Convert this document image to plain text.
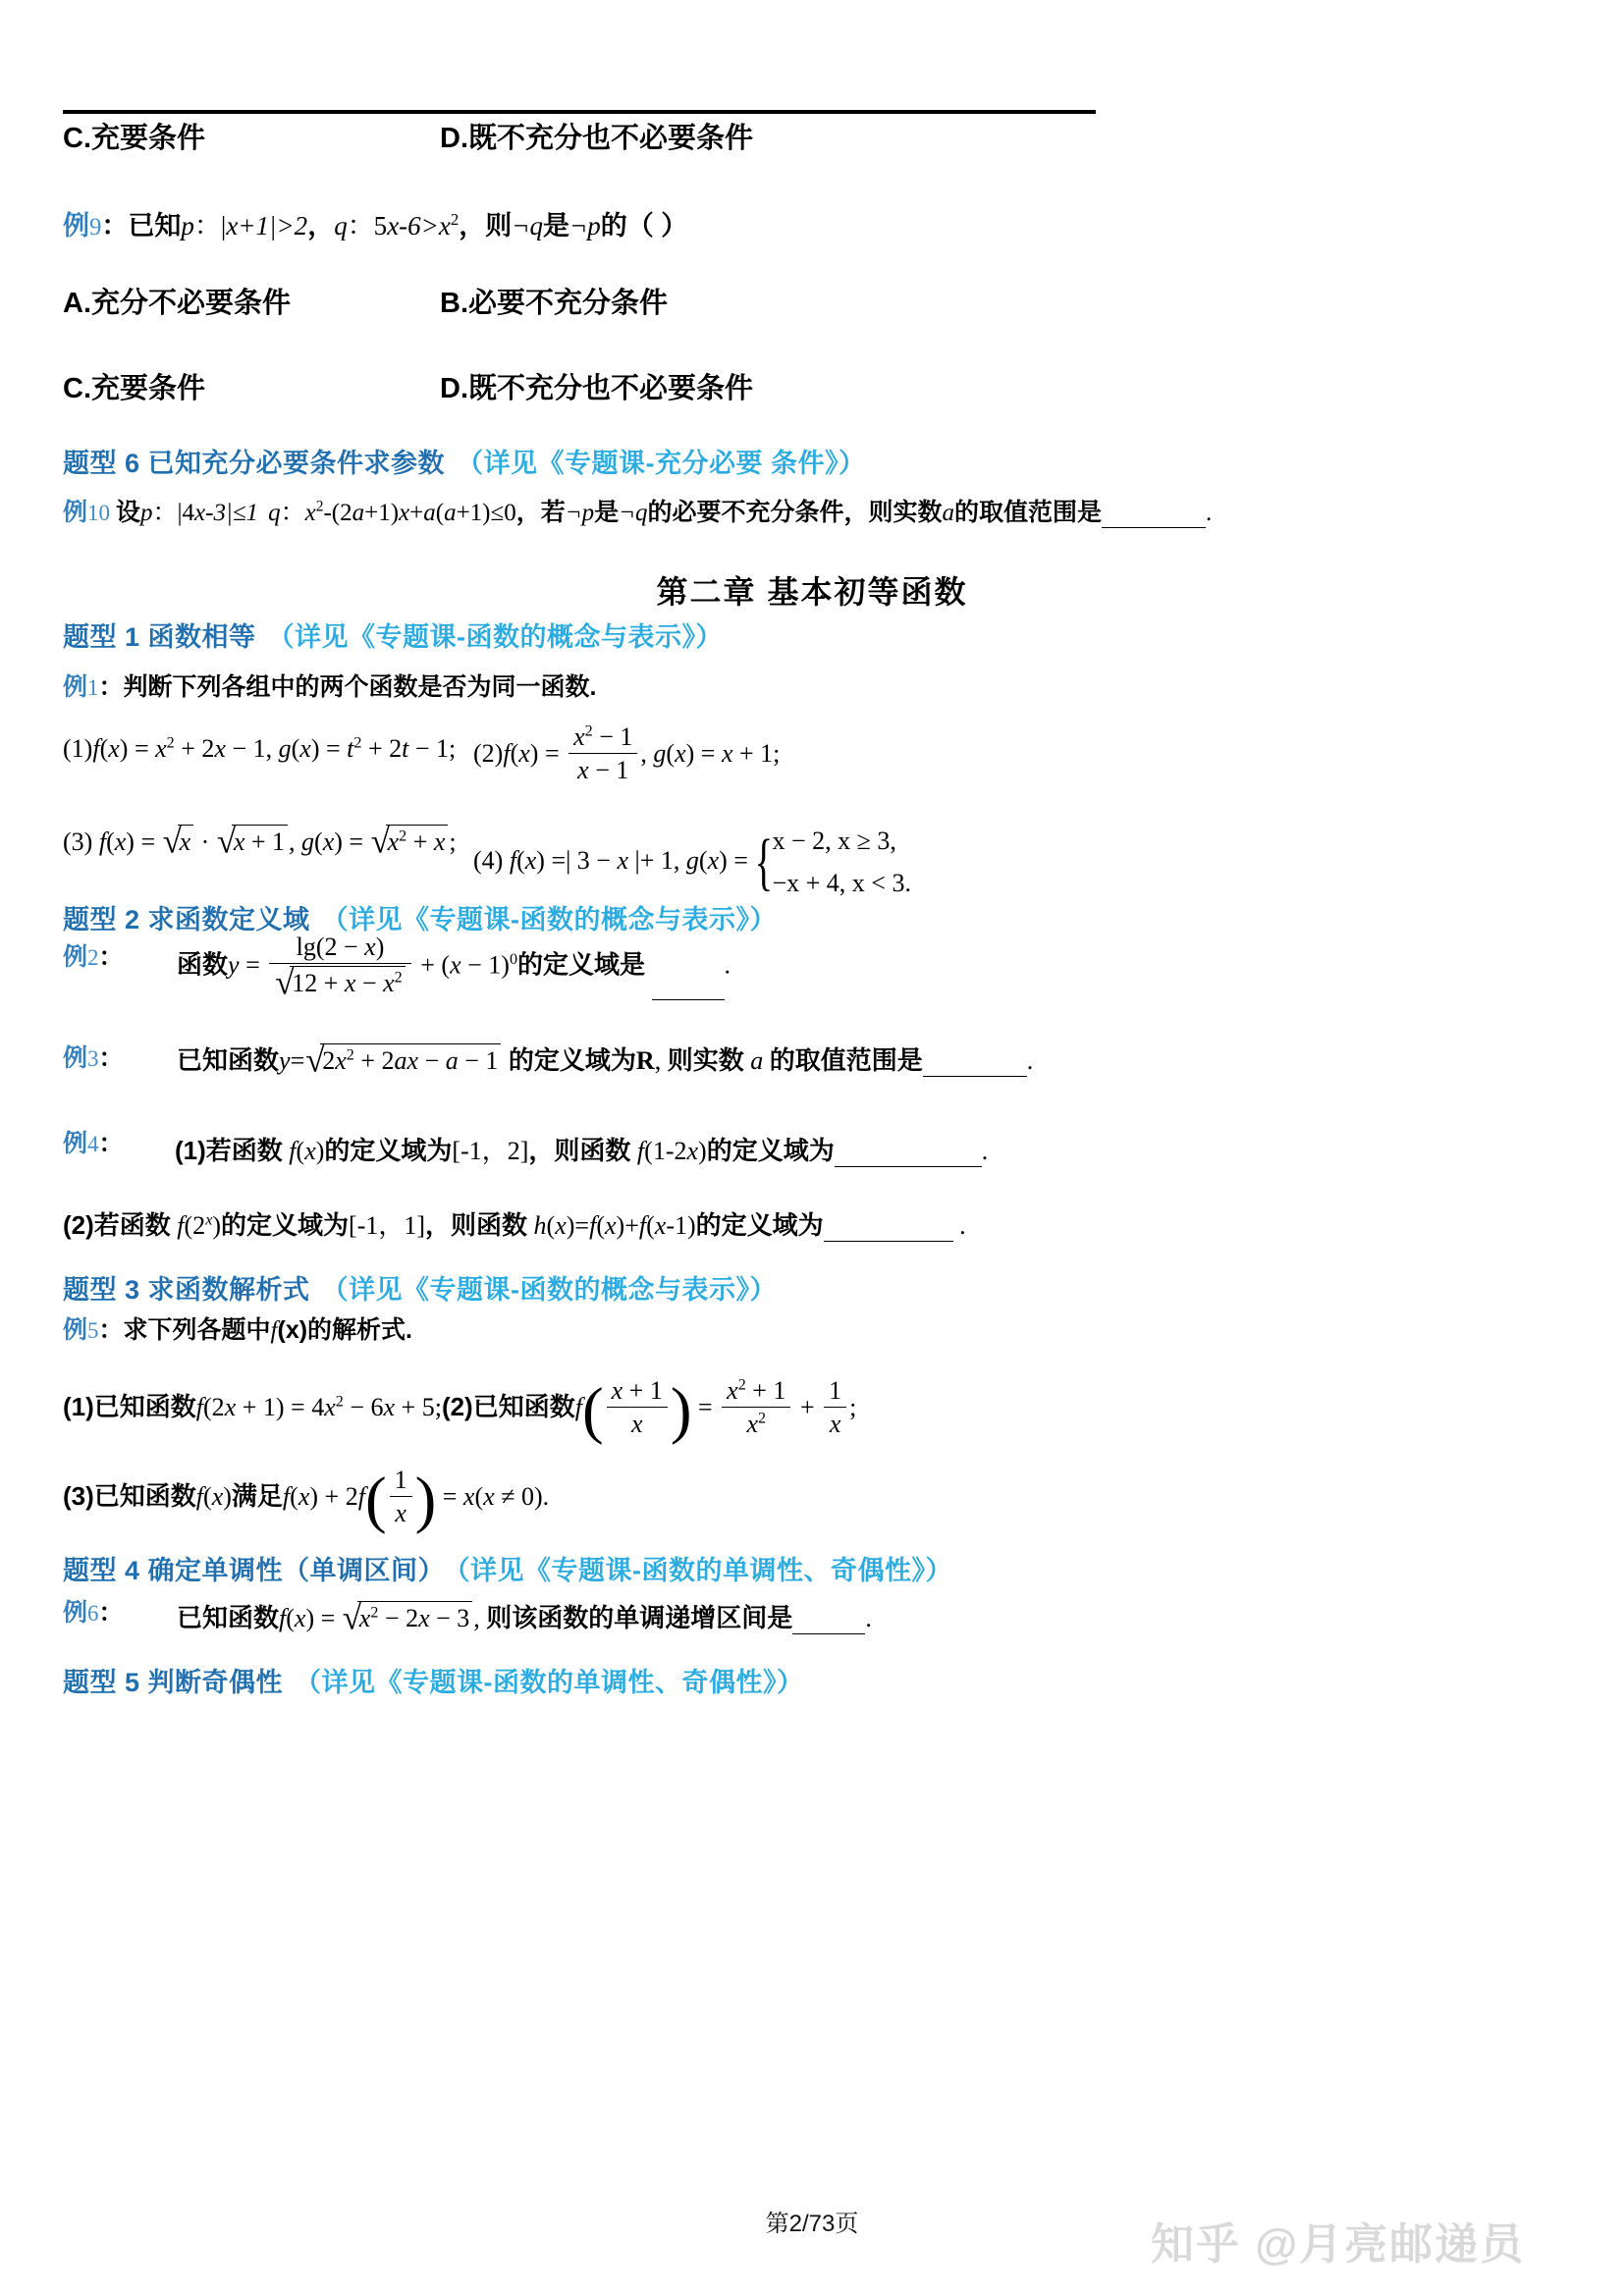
C.充要条件	D.既不充分也不必要条件
例9：已知p：|x+1|>2，q：$5x-6>x^2$，则¬q是¬p的（ ）
A.充分不必要条件	B.必要不充分条件
C.充要条件	D.既不充分也不必要条件
题型 6 已知充分必要条件求参数 （详见《专题课-充分必要 条件》）
例10 设p：|4x-3|≤1 q：$x^2-(2a+1)x+a(a+1)\le 0$，若¬p是¬q的必要不充分条件，则实数a的取值范围是	.
第二章 基本初等函数
题型 1 函数相等 （详见《专题课-函数的概念与表示》）
例1：判断下列各组中的两个函数是否为同一函数.
$(1)f(x) = x^2 + 2x - 1$, $g(x) = t^2 + 2t - 1$; $(2)f(x) = \frac{x^2 - 1}{x - 1}$ , g(x) = x + 1;
(3) f(x) = √
x · √
x + 1 , g(x) = √
$x^2 + x$ ;
(4) f(x) =| 3 − x |+ 1, g(x) = { x − 2, x ≥ 3,
−x + 4, x < 3.
题型 2 求函数定义域 （详见《专题课-函数的概念与表示》）
例2： 函数y = lg(2 − x)
√
$12 + x - x^2 + (x - 1)^0$的定义域是	.
例3： 已知函数y= √
$2x^2 + 2ax - a - 1$ 的定义域为R, 则实数 a 的取值范围是	.
例4： (1)若函数 f(x)的定义域为[-1，2]，则函数 f(1-2x)的定义域为	.
(2)若函数 f(2$^x$)的定义域为[-1，1]，则函数 h(x)=f(x)+f(x-1)的定义域为	.
题型 3 求函数解析式 （详见《专题课-函数的概念与表示》）
例5：求下列各题中f(x)的解析式.
(1)已知函数$f(2x + 1) = 4x^2 - 6x$ + 5;(2)已知函数$f( \frac{x + 1}{x}$ ) = $\frac{x^2 + 1}{x^2} + \frac{1}{x}$ ;
(3)已知函数f(x)满足$f(x) + 2f( \frac{1}{x}$ ) = x(x ≠ 0).
题型 4 确定单调性（单调区间） （详见《专题课-函数的单调性、奇偶性》）
例6： 已知函数f(x) = √
$x^2 - 2x - 3$ , 则该函数的单调递增区间是	.
题型 5 判断奇偶性 （详见《专题课-函数的单调性、奇偶性》）
第2/73页	知乎 @月亮邮递员
